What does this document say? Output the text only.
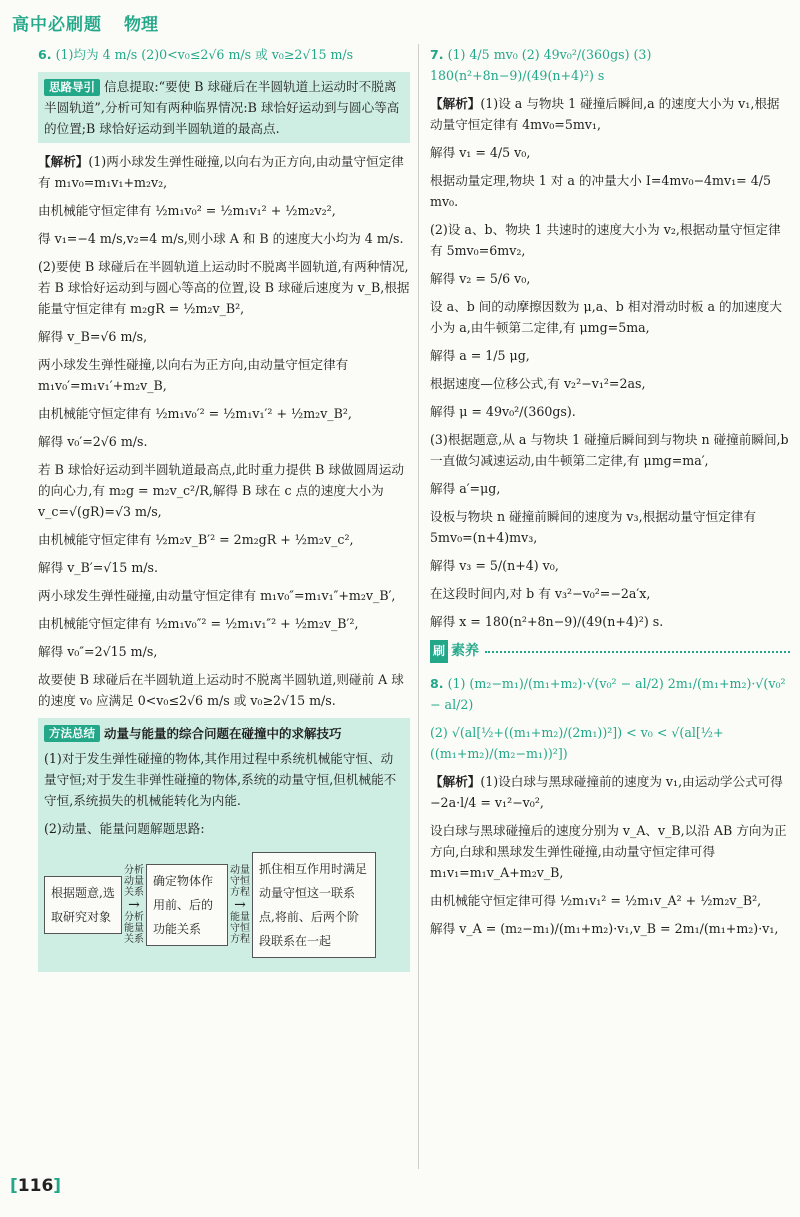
高中必刷题 物理

6. (1)均为 4 m/s (2)0<v₀≤2√6 m/s 或 v₀≥2√15 m/s

思路导引 信息提取:“要使 B 球碰后在半圆轨道上运动时不脱离半圆轨道”,分析可知有两种临界情况:B 球恰好运动到与圆心等高的位置;B 球恰好运动到半圆轨道的最高点.

【解析】(1)两小球发生弹性碰撞,以向右为正方向,由动量守恒定律有 m₁v₀=m₁v₁+m₂v₂,

由机械能守恒定律有 ½m₁v₀² = ½m₁v₁² + ½m₂v₂²,

得 v₁=−4 m/s,v₂=4 m/s,则小球 A 和 B 的速度大小均为 4 m/s.

(2)要使 B 球碰后在半圆轨道上运动时不脱离半圆轨道,有两种情况,若 B 球恰好运动到与圆心等高的位置,设 B 球碰后速度为 v_B,根据能量守恒定律有 m₂gR = ½m₂v_B²,

解得 v_B=√6 m/s,

两小球发生弹性碰撞,以向右为正方向,由动量守恒定律有 m₁v₀′=m₁v₁′+m₂v_B,

由机械能守恒定律有 ½m₁v₀′² = ½m₁v₁′² + ½m₂v_B²,

解得 v₀′=2√6 m/s.

若 B 球恰好运动到半圆轨道最高点,此时重力提供 B 球做圆周运动的向心力,有 m₂g = m₂v_c²/R,解得 B 球在 c 点的速度大小为 v_c=√(gR)=√3 m/s,

由机械能守恒定律有 ½m₂v_B′² = 2m₂gR + ½m₂v_c²,

解得 v_B′=√15 m/s.

两小球发生弹性碰撞,由动量守恒定律有 m₁v₀″=m₁v₁″+m₂v_B′,

由机械能守恒定律有 ½m₁v₀″² = ½m₁v₁″² + ½m₂v_B′²,

解得 v₀″=2√15 m/s,

故要使 B 球碰后在半圆轨道上运动时不脱离半圆轨道,则碰前 A 球的速度 v₀ 应满足 0<v₀≤2√6 m/s 或 v₀≥2√15 m/s.

方法总结 动量与能量的综合问题在碰撞中的求解技巧

(1)对于发生弹性碰撞的物体,其作用过程中系统机械能守恒、动量守恒;对于发生非弹性碰撞的物体,系统的动量守恒,但机械能不守恒,系统损失的机械能转化为内能.

(2)动量、能量问题解题思路:

根据题意,选取研究对象
分析动量关系
→
分析能量关系
确定物体作用前、后的功能关系
动量守恒方程
→
能量守恒方程
抓住相互作用时满足动量守恒这一联系点,将前、后两个阶段联系在一起

7. (1) 4/5 mv₀ (2) 49v₀²/(360gs) (3) 180(n²+8n−9)/(49(n+4)²) s

【解析】(1)设 a 与物块 1 碰撞后瞬间,a 的速度大小为 v₁,根据动量守恒定律有 4mv₀=5mv₁,

解得 v₁ = 4/5 v₀,

根据动量定理,物块 1 对 a 的冲量大小 I=4mv₀−4mv₁= 4/5 mv₀.

(2)设 a、b、物块 1 共速时的速度大小为 v₂,根据动量守恒定律有 5mv₀=6mv₂,

解得 v₂ = 5/6 v₀,

设 a、b 间的动摩擦因数为 μ,a、b 相对滑动时板 a 的加速度大小为 a,由牛顿第二定律,有 μmg=5ma,

解得 a = 1/5 μg,

根据速度—位移公式,有 v₂²−v₁²=2as,

解得 μ = 49v₀²/(360gs).

(3)根据题意,从 a 与物块 1 碰撞后瞬间到与物块 n 碰撞前瞬间,b 一直做匀减速运动,由牛顿第二定律,有 μmg=ma′,

解得 a′=μg,

设板与物块 n 碰撞前瞬间的速度为 v₃,根据动量守恒定律有 5mv₀=(n+4)mv₃,

解得 v₃ = 5/(n+4) v₀,

在这段时间内,对 b 有 v₃²−v₀²=−2a′x,

解得 x = 180(n²+8n−9)/(49(n+4)²) s.

刷 素养

8. (1) (m₂−m₁)/(m₁+m₂)·√(v₀² − al/2) 2m₁/(m₁+m₂)·√(v₀² − al/2)

(2) √(al[½+((m₁+m₂)/(2m₁))²]) < v₀ < √(al[½+((m₁+m₂)/(m₂−m₁))²])

【解析】(1)设白球与黑球碰撞前的速度为 v₁,由运动学公式可得 −2a·l/4 = v₁²−v₀²,

设白球与黑球碰撞后的速度分别为 v_A、v_B,以沿 AB 方向为正方向,白球和黑球发生弹性碰撞,由动量守恒定律可得 m₁v₁=m₁v_A+m₂v_B,

由机械能守恒定律可得 ½m₁v₁² = ½m₁v_A² + ½m₂v_B²,

解得 v_A = (m₂−m₁)/(m₁+m₂)·v₁,v_B = 2m₁/(m₁+m₂)·v₁,

[116]
